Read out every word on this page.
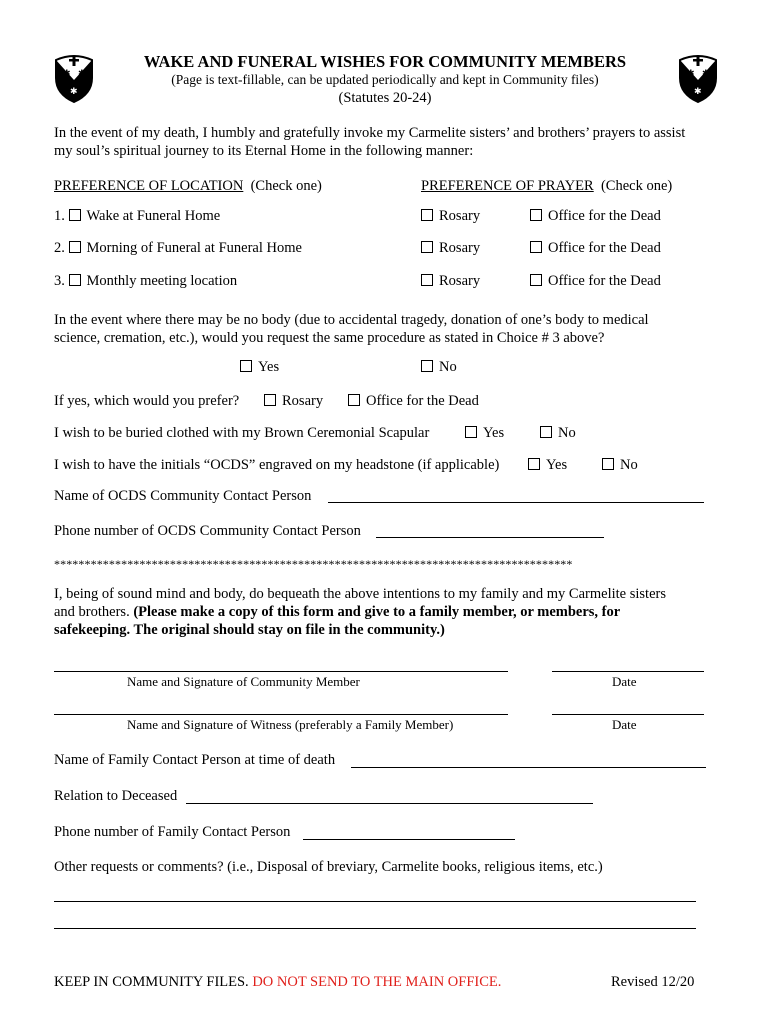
✱ ✱
✱
✱ ✱
✱
WAKE AND FUNERAL WISHES FOR COMMUNITY MEMBERS
(Page is text-fillable, can be updated periodically and kept in Community files)
(Statutes 20-24)
In the event of my death, I humbly and gratefully invoke my Carmelite sisters’ and brothers’ prayers to assist
my soul’s spiritual journey to its Eternal Home in the following manner:
PREFERENCE OF LOCATION (Check one)	PREFERENCE OF PRAYER (Check one)
1. Wake at Funeral Home	Rosary	Office for the Dead
2. Morning of Funeral at Funeral Home	Rosary	Office for the Dead
3. Monthly meeting location	Rosary	Office for the Dead
In the event where there may be no body (due to accidental tragedy, donation of one’s body to medical
science, cremation, etc.), would you request the same procedure as stated in Choice # 3 above?
Yes	No
If yes, which would you prefer?	Rosary	Office for the Dead
I wish to be buried clothed with my Brown Ceremonial Scapular	Yes	No
I wish to have the initials “OCDS” engraved on my headstone (if applicable)	Yes	No
Name of OCDS Community Contact Person
Phone number of OCDS Community Contact Person
*************************************************************************************
I, being of sound mind and body, do bequeath the above intentions to my family and my Carmelite sisters
and brothers. (Please make a copy of this form and give to a family member, or members, for
safekeeping. The original should stay on file in the community.)
Name and Signature of Community Member	Date
Name and Signature of Witness (preferably a Family Member)	Date
Name of Family Contact Person at time of death
Relation to Deceased
Phone number of Family Contact Person
Other requests or comments? (i.e., Disposal of breviary, Carmelite books, religious items, etc.)
KEEP IN COMMUNITY FILES. DO NOT SEND TO THE MAIN OFFICE.	Revised 12/20
